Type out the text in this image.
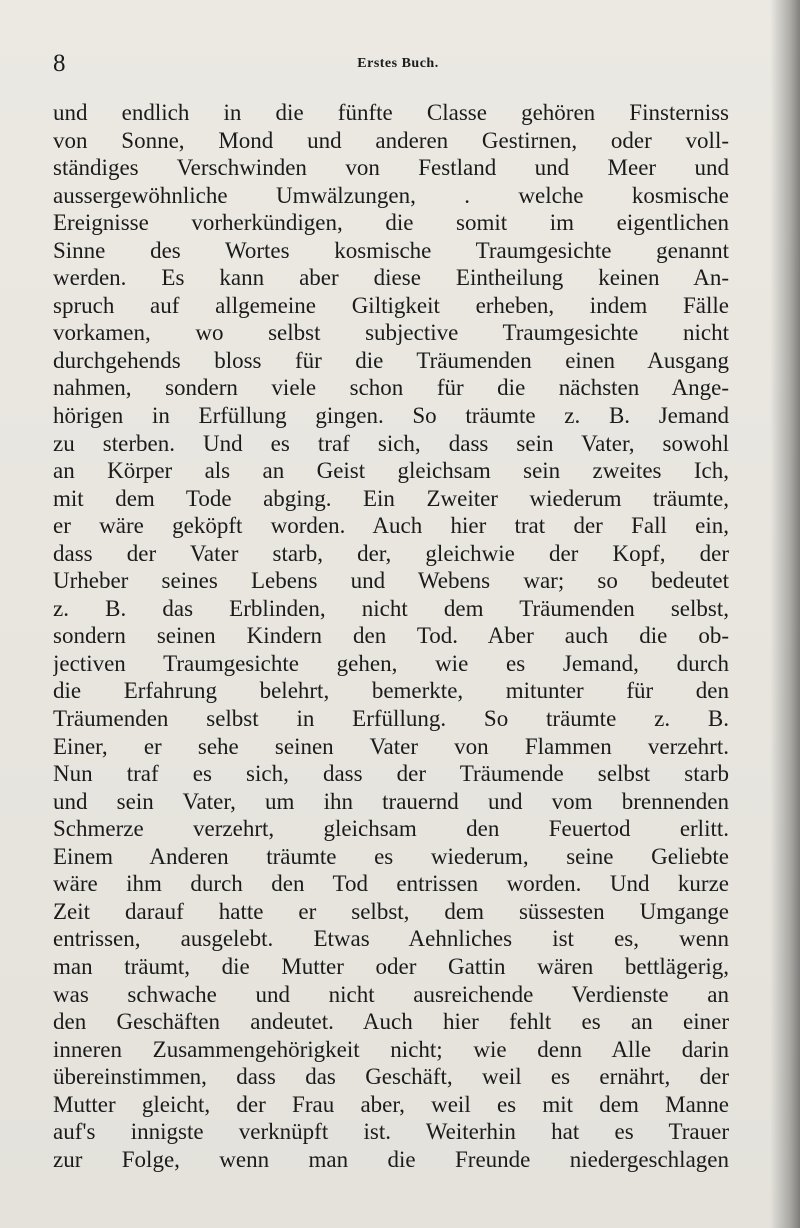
8	Erstes Buch.
und endlich in die fünfte Classe gehören Finsterniss
von Sonne, Mond und anderen Gestirnen, oder voll-
ständiges Verschwinden von Festland und Meer und
aussergewöhnliche Umwälzungen, . welche kosmische
Ereignisse vorherkündigen, die somit im eigentlichen
Sinne des Wortes kosmische Traumgesichte genannt
werden. Es kann aber diese Eintheilung keinen An-
spruch auf allgemeine Giltigkeit erheben, indem Fälle
vorkamen, wo selbst subjective Traumgesichte nicht
durchgehends bloss für die Träumenden einen Ausgang
nahmen, sondern viele schon für die nächsten Ange-
hörigen in Erfüllung gingen. So träumte z. B. Jemand
zu sterben. Und es traf sich, dass sein Vater, sowohl
an Körper als an Geist gleichsam sein zweites Ich,
mit dem Tode abging. Ein Zweiter wiederum träumte,
er wäre geköpft worden. Auch hier trat der Fall ein,
dass der Vater starb, der, gleichwie der Kopf, der
Urheber seines Lebens und Webens war; so bedeutet
z. B. das Erblinden, nicht dem Träumenden selbst,
sondern seinen Kindern den Tod. Aber auch die ob-
jectiven Traumgesichte gehen, wie es Jemand, durch
die Erfahrung belehrt, bemerkte, mitunter für den
Träumenden selbst in Erfüllung. So träumte z. B.
Einer, er sehe seinen Vater von Flammen verzehrt.
Nun traf es sich, dass der Träumende selbst starb
und sein Vater, um ihn trauernd und vom brennenden
Schmerze verzehrt, gleichsam den Feuertod erlitt.
Einem Anderen träumte es wiederum, seine Geliebte
wäre ihm durch den Tod entrissen worden. Und kurze
Zeit darauf hatte er selbst, dem süssesten Umgange
entrissen, ausgelebt. Etwas Aehnliches ist es, wenn
man träumt, die Mutter oder Gattin wären bettlägerig,
was schwache und nicht ausreichende Verdienste an
den Geschäften andeutet. Auch hier fehlt es an einer
inneren Zusammengehörigkeit nicht; wie denn Alle darin
übereinstimmen, dass das Geschäft, weil es ernährt, der
Mutter gleicht, der Frau aber, weil es mit dem Manne
auf's innigste verknüpft ist. Weiterhin hat es Trauer
zur Folge, wenn man die Freunde niedergeschlagen
